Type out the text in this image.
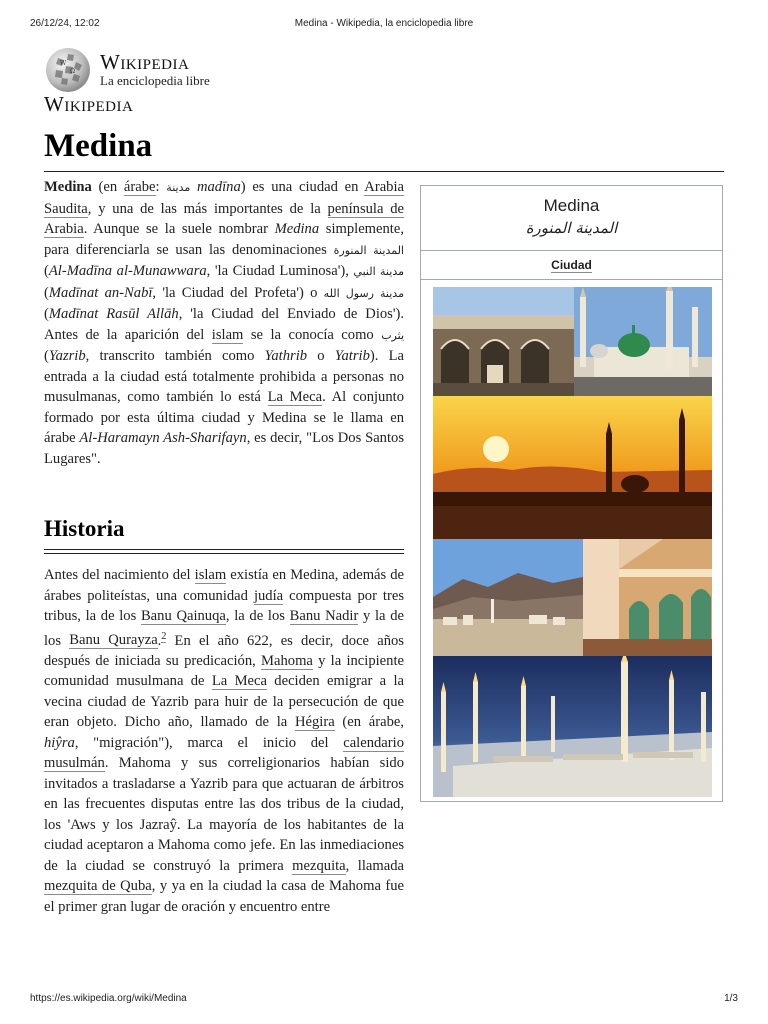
26/12/24, 12:02	Medina - Wikipedia, la enciclopedia libre
W
Ω Wikipedia
La enciclopedia libre
Wikipedia
Medina
Medina (en árabe: مدينة madīna) es una ciudad en Arabia Saudita, y una de las más importantes de la península de Arabia. Aunque se la suele nombrar Medina simplemente, para diferenciarla se usan las denominaciones المدينة المنورة (Al-Madīna al-Munawwara, 'la Ciudad Luminosa'), مدينة النبي (Madīnat an-Nabī, 'la Ciudad del Profeta') o مدينة رسول الله (Madīnat Rasūl Allāh, 'la Ciudad del Enviado de Dios'). Antes de la aparición del islam se la conocía como يثرب (Yazrib, transcrito también como Yathrib o Yatrib). La entrada a la ciudad está totalmente prohibida a personas no musulmanas, como también lo está La Meca. Al conjunto formado por esta última ciudad y Medina se le llama en árabe Al-Haramayn Ash-Sharifayn, es decir, "Los Dos Santos Lugares".
Historia
Antes del nacimiento del islam existía en Medina, además de árabes politeístas, una comunidad judía compuesta por tres tribus, la de los Banu Qainuqa, la de los Banu Nadir y la de los Banu Qurayza.$^2$ En el año 622, es decir, doce años después de iniciada su predicación, Mahoma y la incipiente comunidad musulmana de La Meca deciden emigrar a la vecina ciudad de Yazrib para huir de la persecución de que eran objeto. Dicho año, llamado de la Hégira (en árabe, hiŷra, "migración"), marca el inicio del calendario musulmán. Mahoma y sus correligionarios habían sido invitados a trasladarse a Yazrib para que actuaran de árbitros en las frecuentes disputas entre las dos tribus de la ciudad, los 'Aws y los Jazraŷ. La mayoría de los habitantes de la ciudad aceptaron a Mahoma como jefe. En las inmediaciones de la ciudad se construyó la primera mezquita, llamada mezquita de Quba, y ya en la ciudad la casa de Mahoma fue el primer gran lugar de oración y encuentro entre
Medina
المدينة المنورة
Ciudad
https://es.wikipedia.org/wiki/Medina	1/3
